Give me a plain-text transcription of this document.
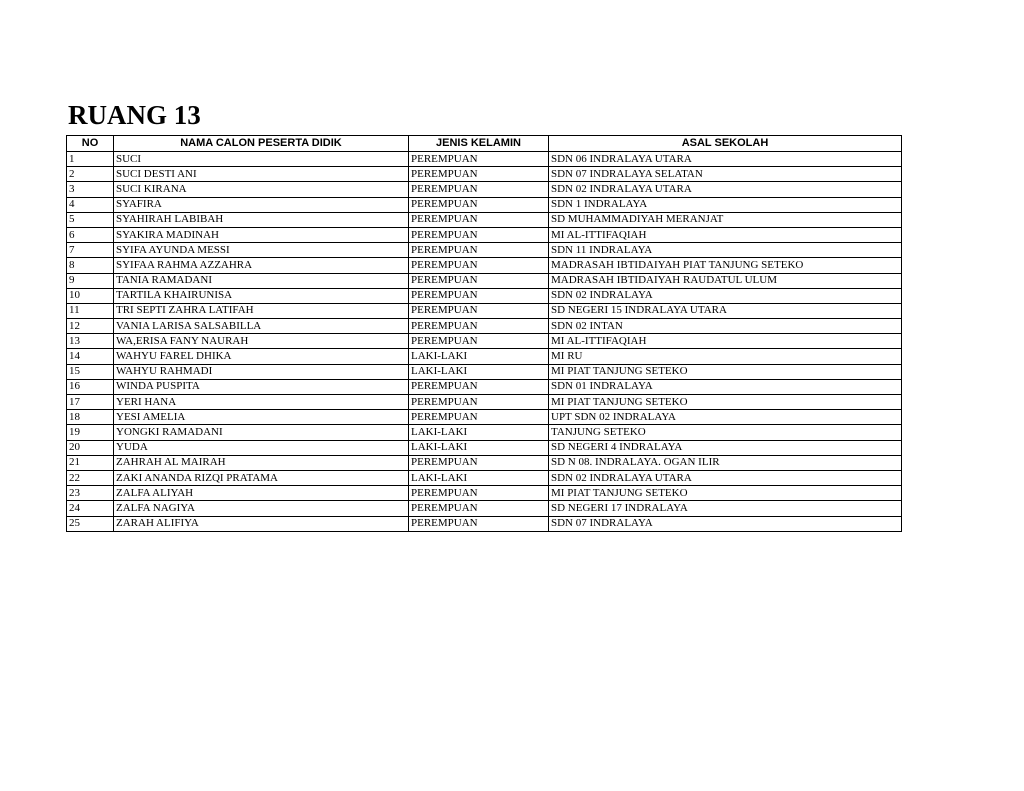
RUANG 13
NO	NAMA CALON PESERTA DIDIK	JENIS KELAMIN	ASAL SEKOLAH
1	SUCI	PEREMPUAN	SDN 06 INDRALAYA UTARA
2	SUCI DESTI ANI	PEREMPUAN	SDN 07 INDRALAYA SELATAN
3	SUCI KIRANA	PEREMPUAN	SDN 02 INDRALAYA UTARA
4	SYAFIRA	PEREMPUAN	SDN 1 INDRALAYA
5	SYAHIRAH LABIBAH	PEREMPUAN	SD MUHAMMADIYAH MERANJAT
6	SYAKIRA MADINAH	PEREMPUAN	MI AL-ITTIFAQIAH
7	SYIFA AYUNDA MESSI	PEREMPUAN	SDN 11 INDRALAYA
8	SYIFAA RAHMA AZZAHRA	PEREMPUAN	MADRASAH IBTIDAIYAH PIAT TANJUNG SETEKO
9	TANIA RAMADANI	PEREMPUAN	MADRASAH IBTIDAIYAH RAUDATUL ULUM
10	TARTILA KHAIRUNISA	PEREMPUAN	SDN 02 INDRALAYA
11	TRI SEPTI ZAHRA LATIFAH	PEREMPUAN	SD NEGERI 15 INDRALAYA UTARA
12	VANIA LARISA SALSABILLA	PEREMPUAN	SDN 02 INTAN
13	WA,ERISA FANY NAURAH	PEREMPUAN	MI AL-ITTIFAQIAH
14	WAHYU FAREL DHIKA	LAKI-LAKI	MI RU
15	WAHYU RAHMADI	LAKI-LAKI	MI PIAT TANJUNG SETEKO
16	WINDA PUSPITA	PEREMPUAN	SDN 01 INDRALAYA
17	YERI HANA	PEREMPUAN	MI PIAT TANJUNG SETEKO
18	YESI AMELIA	PEREMPUAN	UPT SDN 02 INDRALAYA
19	YONGKI RAMADANI	LAKI-LAKI	TANJUNG SETEKO
20	YUDA	LAKI-LAKI	SD NEGERI 4 INDRALAYA
21	ZAHRAH AL MAIRAH	PEREMPUAN	SD N 08. INDRALAYA. OGAN ILIR
22	ZAKI ANANDA RIZQI PRATAMA	LAKI-LAKI	SDN 02 INDRALAYA UTARA
23	ZALFA ALIYAH	PEREMPUAN	MI PIAT TANJUNG SETEKO
24	ZALFA NAGIYA	PEREMPUAN	SD NEGERI 17 INDRALAYA
25	ZARAH ALIFIYA	PEREMPUAN	SDN 07 INDRALAYA
